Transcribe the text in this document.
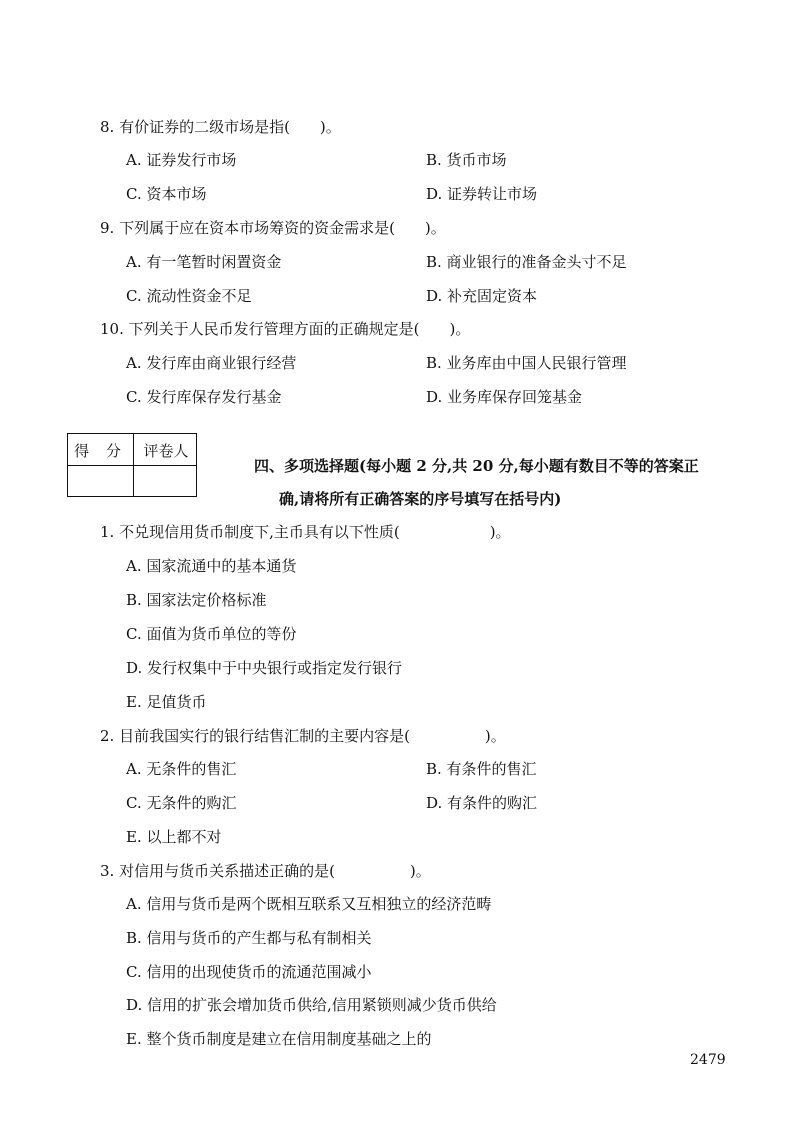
8. 有价证券的二级市场是指(　　)。
A. 证券发行市场	B. 货币市场
C. 资本市场	D. 证券转让市场
9. 下列属于应在资本市场筹资的资金需求是(　　)。
A. 有一笔暂时闲置资金	B. 商业银行的准备金头寸不足
C. 流动性资金不足	D. 补充固定资本
10. 下列关于人民币发行管理方面的正确规定是(　　)。
A. 发行库由商业银行经营	B. 业务库由中国人民银行管理
C. 发行库保存发行基金	D. 业务库保存回笼基金
得 分	评卷人
四、多项选择题(每小题 2 分,共 20 分,每小题有数目不等的答案正
确,请将所有正确答案的序号填写在括号内)
1. 不兑现信用货币制度下,主币具有以下性质(　　　　　　)。
A. 国家流通中的基本通货
B. 国家法定价格标准
C. 面值为货币单位的等份
D. 发行权集中于中央银行或指定发行银行
E. 足值货币
2. 目前我国实行的银行结售汇制的主要内容是(　　　　　)。
A. 无条件的售汇	B. 有条件的售汇
C. 无条件的购汇	D. 有条件的购汇
E. 以上都不对
3. 对信用与货币关系描述正确的是(　　　　　)。
A. 信用与货币是两个既相互联系又互相独立的经济范畴
B. 信用与货币的产生都与私有制相关
C. 信用的出现使货币的流通范围减小
D. 信用的扩张会增加货币供给,信用紧锁则减少货币供给
E. 整个货币制度是建立在信用制度基础之上的
2479
